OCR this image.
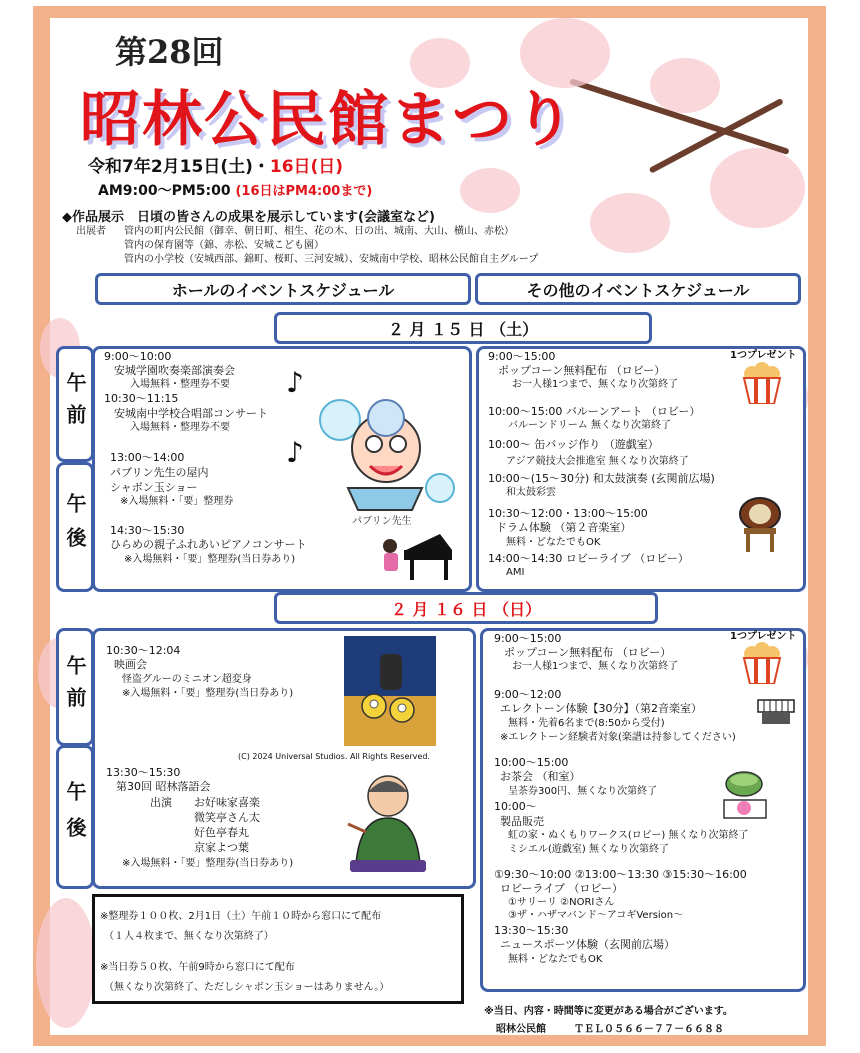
第28回
昭林公民館まつり
令和7年2月15日(土)・16日(日)
AM9:00～PM5:00 (16日はPM4:00まで)
◆作品展示　日頃の皆さんの成果を展示しています(会議室など)
出展者 管内の町内公民館（御幸、朝日町、相生、花の木、日の出、城南、大山、横山、赤松）
管内の保育園等（錦、赤松、安城こども園）
管内の小学校（安城西部、錦町、桜町、三河安城）、安城南中学校、昭林公民館自主グループ
ホールのイベントスケジュール	その他のイベントスケジュール
２ 月 １５ 日 （土）
午前
午後
9:00～10:00
安城学園吹奏楽部演奏会
入場無料・整理券不要
10:30～11:15
安城南中学校合唱部コンサート
入場無料・整理券不要
13:00～14:00
パブリン先生の屋内
シャボン玉ショー
※入場無料・「要」整理券
14:30～15:30
ひらめの親子ふれあいピアノコンサート
※入場無料・「要」整理券(当日券あり)
♪
♪
パブリン先生
1つプレゼント
9:00～15:00
ポップコーン無料配布 （ロビー）
お一人様1つまで、無くなり次第終了
10:00～15:00 バルーンアート （ロビー）
バルーンドリーム 無くなり次第終了
10:00～ 缶バッジ作り （遊戯室）
アジア競技大会推進室 無くなり次第終了
10:00～(15～30分) 和太鼓演奏 (玄関前広場)
和太鼓彩雲
10:30～12:00・13:00～15:00
ドラム体験 （第２音楽室）
無料・どなたでもOK
14:00～14:30 ロビーライブ （ロビー）
AMI
２ 月 １６ 日 （日）
午前
午後
10:30～12:04
映画会
怪盗グルーのミニオン超変身
※入場無料・「要」整理券(当日券あり)
(C) 2024 Universal Studios. All Rights Reserved.
13:30～15:30
第30回 昭林落語会
出演 お好味家喜楽
微笑亭さん太
好色亭春丸
京家よつ葉
※入場無料・「要」整理券(当日券あり)
1つプレゼント
9:00～15:00
ポップコーン無料配布 （ロビー）
お一人様1つまで、無くなり次第終了
9:00～12:00
エレクトーン体験【30分】（第2音楽室）
無料・先着6名まで(8:50から受付)
※エレクトーン経験者対象(楽譜は持参してください)
10:00～15:00
お茶会 （和室）
呈茶券300円、無くなり次第終了
10:00～
製品販売
虹の家・ぬくもりワークス(ロビー) 無くなり次第終了
ミシエル(遊戯室) 無くなり次第終了
①9:30～10:00 ②13:00～13:30 ③15:30～16:00
ロビーライブ （ロビー）
①サリーリ ②NORIさん
③ザ・ハザマバンド～アコギVersion～
13:30～15:30
ニュースポーツ体験（玄関前広場）
無料・どなたでもOK
※整理券１００枚、2月1日（土）午前１０時から窓口にて配布
（１人４枚まで、無くなり次第終了）
※当日券５０枚、午前9時から窓口にて配布
（無くなり次第終了、ただしシャボン玉ショーはありません。）
※当日、内容・時間等に変更がある場合がございます。
昭林公民館	ＴＥＬ０５６６－７７－６６８８
